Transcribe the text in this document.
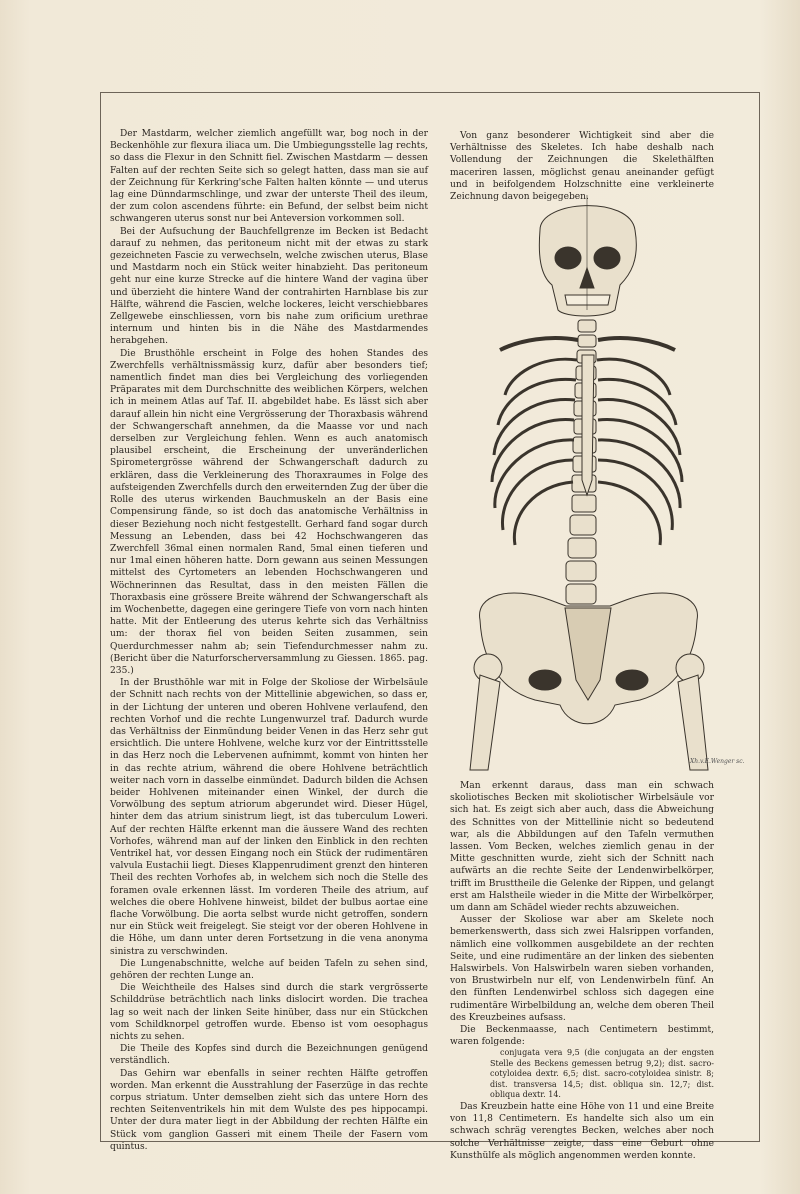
Der Mastdarm, welcher ziemlich angefüllt war, bog noch in der Beckenhöhle zur flexura iliaca um. Die Umbiegungsstelle lag rechts, so dass die Flexur in den Schnitt fiel. Zwischen Mastdarm — dessen Falten auf der rechten Seite sich so gelegt hatten, dass man sie auf der Zeichnung für Kerkring'sche Falten halten könnte — und uterus lag eine Dünndarmschlinge, und zwar der unterste Theil des ileum, der zum colon ascendens führte: ein Befund, der selbst beim nicht schwangeren uterus sonst nur bei Anteversion vorkommen soll.

Bei der Aufsuchung der Bauchfellgrenze im Becken ist Bedacht darauf zu nehmen, das peritoneum nicht mit der etwas zu stark gezeichneten Fascie zu verwechseln, welche zwischen uterus, Blase und Mastdarm noch ein Stück weiter hinabzieht. Das peritoneum geht nur eine kurze Strecke auf die hintere Wand der vagina über und überzieht die hintere Wand der contrahirten Harnblase bis zur Hälfte, während die Fascien, welche lockeres, leicht verschiebbares Zellgewebe einschliessen, vorn bis nahe zum orificium urethrae internum und hinten bis in die Nähe des Mastdarmendes herabgehen.

Die Brusthöhle erscheint in Folge des hohen Standes des Zwerchfells verhältnissmässig kurz, dafür aber besonders tief; namentlich findet man dies bei Vergleichung des vorliegenden Präparates mit dem Durchschnitte des weiblichen Körpers, welchen ich in meinem Atlas auf Taf. II. abgebildet habe. Es lässt sich aber darauf allein hin nicht eine Vergrösserung der Thoraxbasis während der Schwangerschaft annehmen, da die Maasse vor und nach derselben zur Vergleichung fehlen. Wenn es auch anatomisch plausibel erscheint, die Erscheinung der unveränderlichen Spirometergrösse während der Schwangerschaft dadurch zu erklären, dass die Verkleinerung des Thoraxraumes in Folge des aufsteigenden Zwerchfells durch den erweiternden Zug der über die Rolle des uterus wirkenden Bauchmuskeln an der Basis eine Compensirung fände, so ist doch das anatomische Verhältniss in dieser Beziehung noch nicht festgestellt. Gerhard fand sogar durch Messung an Lebenden, dass bei 42 Hochschwangeren das Zwerchfell 36mal einen normalen Rand, 5mal einen tieferen und nur 1mal einen höheren hatte. Dorn gewann aus seinen Messungen mittelst des Cyrtometers an lebenden Hochschwangeren und Wöchnerinnen das Resultat, dass in den meisten Fällen die Thoraxbasis eine grössere Breite während der Schwangerschaft als im Wochenbette, dagegen eine geringere Tiefe von vorn nach hinten hatte. Mit der Entleerung des uterus kehrte sich das Verhältniss um: der thorax fiel von beiden Seiten zusammen, sein Querdurchmesser nahm ab; sein Tiefendurchmesser nahm zu. (Bericht über die Naturforscherversammlung zu Giessen. 1865. pag. 235.)

In der Brusthöhle war mit in Folge der Skoliose der Wirbelsäule der Schnitt nach rechts von der Mittellinie abgewichen, so dass er, in der Lichtung der unteren und oberen Hohlvene verlaufend, den rechten Vorhof und die rechte Lungenwurzel traf. Dadurch wurde das Verhältniss der Einmündung beider Venen in das Herz sehr gut ersichtlich. Die untere Hohlvene, welche kurz vor der Eintrittsstelle in das Herz noch die Lebervenen aufnimmt, kommt von hinten her in das rechte atrium, während die obere Hohlvene beträchtlich weiter nach vorn in dasselbe einmündet. Dadurch bilden die Achsen beider Hohlvenen miteinander einen Winkel, der durch die Vorwölbung des septum atriorum abgerundet wird. Dieser Hügel, hinter dem das atrium sinistrum liegt, ist das tuberculum Loweri. Auf der rechten Hälfte erkennt man die äussere Wand des rechten Vorhofes, während man auf der linken den Einblick in den rechten Ventrikel hat, vor dessen Eingang noch ein Stück der rudimentären valvula Eustachii liegt. Dieses Klappenrudiment grenzt den hinteren Theil des rechten Vorhofes ab, in welchem sich noch die Stelle des foramen ovale erkennen lässt. Im vorderen Theile des atrium, auf welches die obere Hohlvene hinweist, bildet der bulbus aortae eine flache Vorwölbung. Die aorta selbst wurde nicht getroffen, sondern nur ein Stück weit freigelegt. Sie steigt vor der oberen Hohlvene in die Höhe, um dann unter deren Fortsetzung in die vena anonyma sinistra zu verschwinden.

Die Lungenabschnitte, welche auf beiden Tafeln zu sehen sind, gehören der rechten Lunge an.

Die Weichtheile des Halses sind durch die stark vergrösserte Schilddrüse beträchtlich nach links dislocirt worden. Die trachea lag so weit nach der linken Seite hinüber, dass nur ein Stückchen vom Schildknorpel getroffen wurde. Ebenso ist vom oesophagus nichts zu sehen.

Die Theile des Kopfes sind durch die Bezeichnungen genügend verständlich.

Das Gehirn war ebenfalls in seiner rechten Hälfte getroffen worden. Man erkennt die Ausstrahlung der Faserzüge in das rechte corpus striatum. Unter demselben zieht sich das untere Horn des rechten Seitenventrikels hin mit dem Wulste des pes hippocampi. Unter der dura mater liegt in der Abbildung der rechten Hälfte ein Stück vom ganglion Gasseri mit einem Theile der Fasern vom quintus.

Von ganz besonderer Wichtigkeit sind aber die Verhältnisse des Skeletes. Ich habe deshalb nach Vollendung der Zeichnungen die Skelethälften maceriren lassen, möglichst genau aneinander gefügt und in beifolgendem Holzschnitte eine verkleinerte Zeichnung davon beigegeben.

Xh.v.E.Wenger sc.

Man erkennt daraus, dass man ein schwach skoliotisches Becken mit skoliotischer Wirbelsäule vor sich hat. Es zeigt sich aber auch, dass die Abweichung des Schnittes von der Mittellinie nicht so bedeutend war, als die Abbildungen auf den Tafeln vermuthen lassen. Vom Becken, welches ziemlich genau in der Mitte geschnitten wurde, zieht sich der Schnitt nach aufwärts an die rechte Seite der Lendenwirbelkörper, trifft im Brusttheile die Gelenke der Rippen, und gelangt erst am Halstheile wieder in die Mitte der Wirbelkörper, um dann am Schädel wieder rechts abzuweichen.

Ausser der Skoliose war aber am Skelete noch bemerkenswerth, dass sich zwei Halsrippen vorfanden, nämlich eine vollkommen ausgebildete an der rechten Seite, und eine rudimentäre an der linken des siebenten Halswirbels. Von Halswirbeln waren sieben vorhanden, von Brustwirbeln nur elf, von Lendenwirbeln fünf. An den fünften Lendenwirbel schloss sich dagegen eine rudimentäre Wirbelbildung an, welche dem oberen Theil des Kreuzbeines aufsass.

Die Beckenmaasse, nach Centimetern bestimmt, waren folgende:

conjugata vera 9,5 (die conjugata an der engsten Stelle des Beckens gemessen betrug 9,2); dist. sacro-cotyloidea dextr. 6,5; dist. sacro-cotyloidea sinistr. 8; dist. transversa 14,5; dist. obliqua sin. 12,7; dist. obliqua dextr. 14.

Das Kreuzbein hatte eine Höhe von 11 und eine Breite von 11,8 Centimetern. Es handelte sich also um ein schwach schräg verengtes Becken, welches aber noch solche Verhältnisse zeigte, dass eine Geburt ohne Kunsthülfe als möglich angenommen werden konnte.
